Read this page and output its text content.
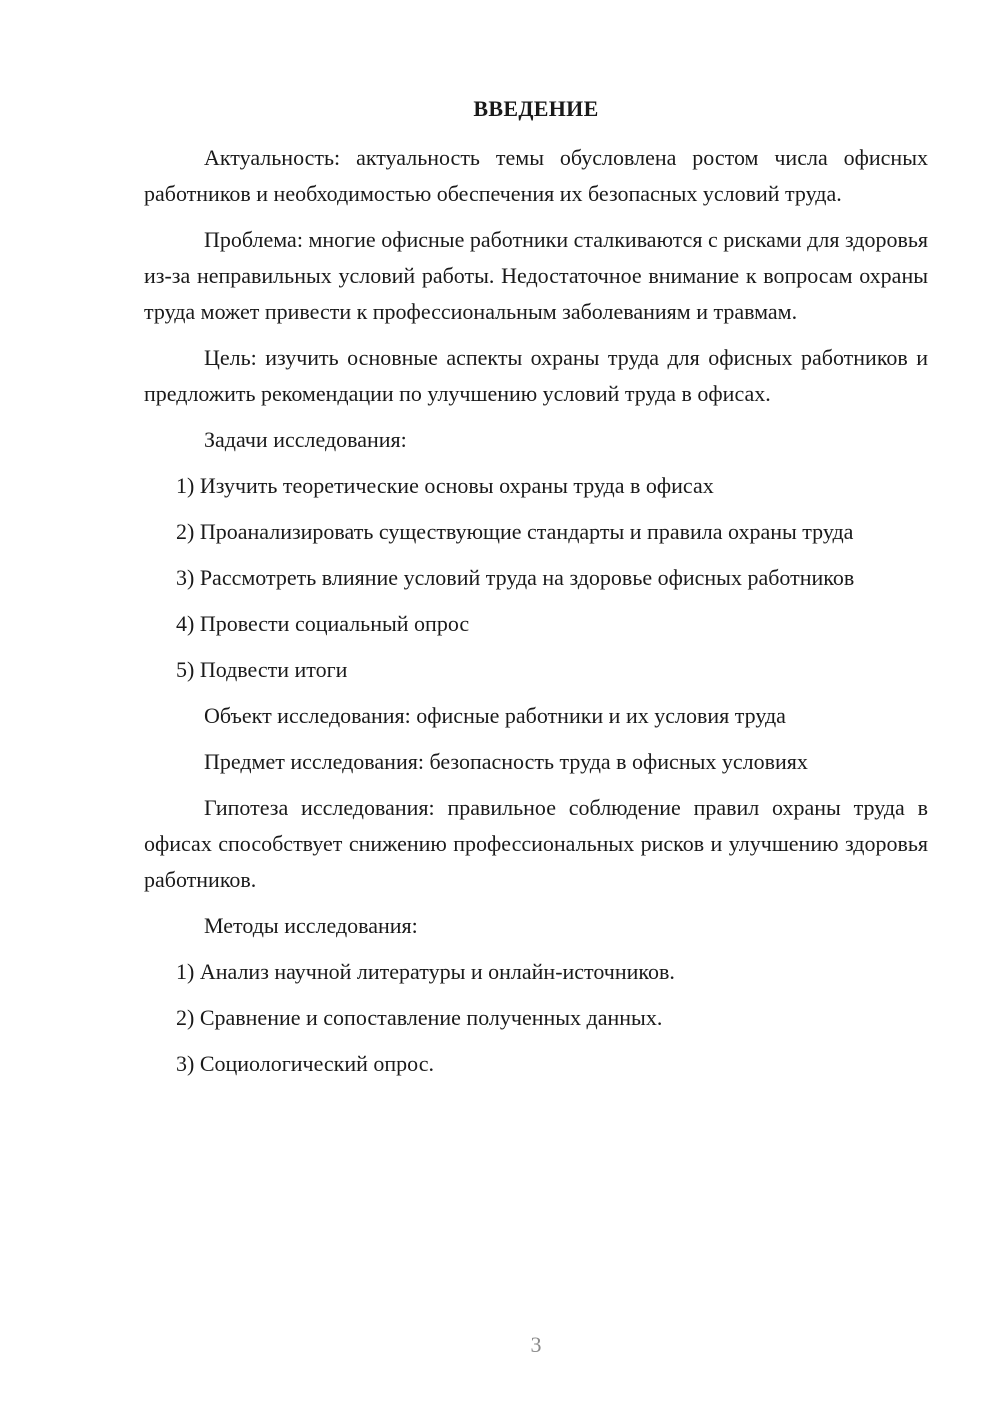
ВВЕДЕНИЕ

Актуальность: актуальность темы обусловлена ростом числа офисных работников и необходимостью обеспечения их безопасных условий труда.

Проблема: многие офисные работники сталкиваются с рисками для здоровья из-за неправильных условий работы. Недостаточное внимание к вопросам охраны труда может привести к профессиональным заболеваниям и травмам.

Цель: изучить основные аспекты охраны труда для офисных работников и предложить рекомендации по улучшению условий труда в офисах.

Задачи исследования:

1) Изучить теоретические основы охраны труда в офисах

2) Проанализировать существующие стандарты и правила охраны труда

3) Рассмотреть влияние условий труда на здоровье офисных работников

4) Провести социальный опрос

5) Подвести итоги

Объект исследования: офисные работники и их условия труда

Предмет исследования: безопасность труда в офисных условиях

Гипотеза исследования: правильное соблюдение правил охраны труда в офисах способствует снижению профессиональных рисков и улучшению здоровья работников.

Методы исследования:

1) Анализ научной литературы и онлайн-источников.

2) Сравнение и сопоставление полученных данных.

3) Социологический опрос.

3
